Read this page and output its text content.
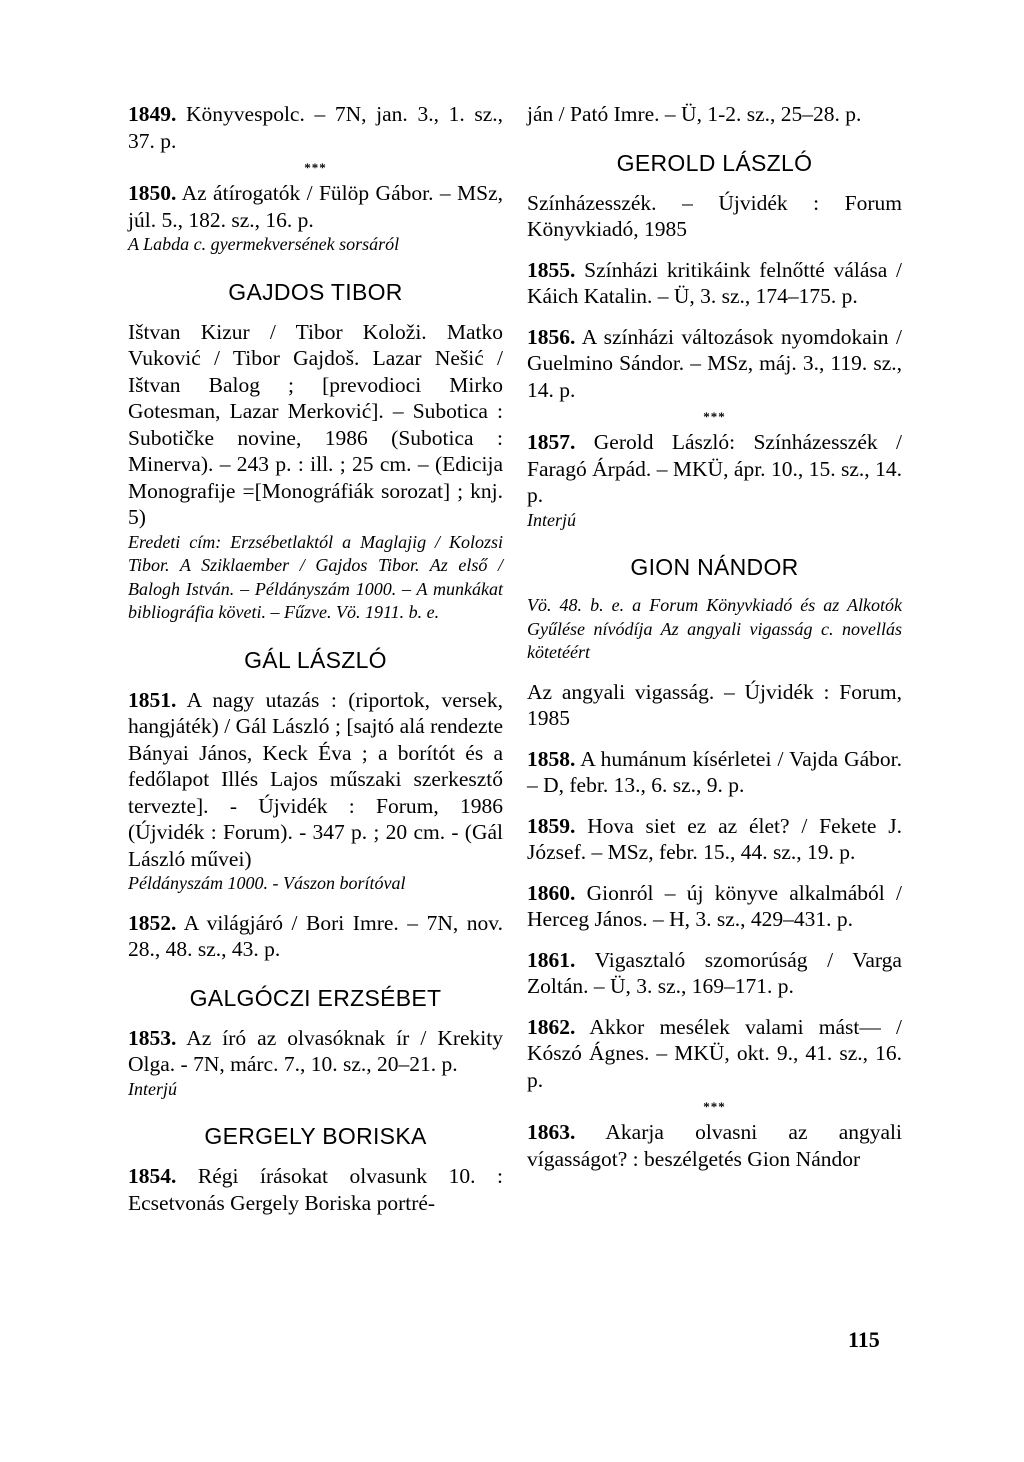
1849. Könyvespolc. – 7N, jan. 3., 1. sz., 37. p.

***

1850. Az átírogatók / Fülöp Gábor. – MSz, júl. 5., 182. sz., 16. p.

A Labda c. gyermekversének sorsáról

GAJDOS TIBOR

Ištvan Kizur / Tibor Koloži. Matko Vuković / Tibor Gajdoš. Lazar Nešić / Ištvan Balog ; [prevodioci Mirko Gotesman, Lazar Merković]. – Subotica : Subotičke novine, 1986 (Subotica : Minerva). – 243 p. : ill. ; 25 cm. – (Edicija Monografije =[Monográfiák sorozat] ; knj. 5)

Eredeti cím: Erzsébetlaktól a Maglajig / Kolozsi Tibor. A Sziklaember / Gajdos Tibor. Az első / Balogh István. – Példányszám 1000. – A munkákat bibliográfia követi. – Fűzve. Vö. 1911. b. e.

GÁL LÁSZLÓ

1851. A nagy utazás : (riportok, versek, hangjáték) / Gál László ; [sajtó alá rendezte Bányai János, Keck Éva ; a borítót és a fedőlapot Illés Lajos műszaki szerkesztő tervezte]. - Újvidék : Forum, 1986 (Újvidék : Forum). - 347 p. ; 20 cm. - (Gál László művei)

Példányszám 1000. - Vászon borítóval

1852. A világjáró / Bori Imre. – 7N, nov. 28., 48. sz., 43. p.

GALGÓCZI ERZSÉBET

1853. Az író az olvasóknak ír / Krekity Olga. - 7N, márc. 7., 10. sz., 20–21. p.

Interjú

GERGELY BORISKA

1854. Régi írásokat olvasunk 10. : Ecsetvonás Gergely Boriska portré-

ján / Pató Imre. – Ü, 1-2. sz., 25–28. p.

GEROLD LÁSZLÓ

Színházesszék. – Újvidék : Forum Könyvkiadó, 1985

1855. Színházi kritikáink felnőtté válása / Káich Katalin. – Ü, 3. sz., 174–175. p.

1856. A színházi változások nyomdokain / Guelmino Sándor. – MSz, máj. 3., 119. sz., 14. p.

***

1857. Gerold László: Színházesszék / Faragó Árpád. – MKÜ, ápr. 10., 15. sz., 14. p.

Interjú

GION NÁNDOR

Vö. 48. b. e. a Forum Könyvkiadó és az Alkotók Gyűlése nívódíja Az angyali vigasság c. novellás kötetéért

Az angyali vigasság. – Újvidék : Forum, 1985

1858. A humánum kísérletei / Vajda Gábor. – D, febr. 13., 6. sz., 9. p.

1859. Hova siet ez az élet? / Fekete J. József. – MSz, febr. 15., 44. sz., 19. p.

1860. Gionról – új könyve alkalmából / Herceg János. – H, 3. sz., 429–431. p.

1861. Vigasztaló szomorúság / Varga Zoltán. – Ü, 3. sz., 169–171. p.

1862. Akkor mesélek valami mást— / Kószó Ágnes. – MKÜ, okt. 9., 41. sz., 16. p.

***

1863. Akarja olvasni az angyali vígasságot? : beszélgetés Gion Nándor

115
